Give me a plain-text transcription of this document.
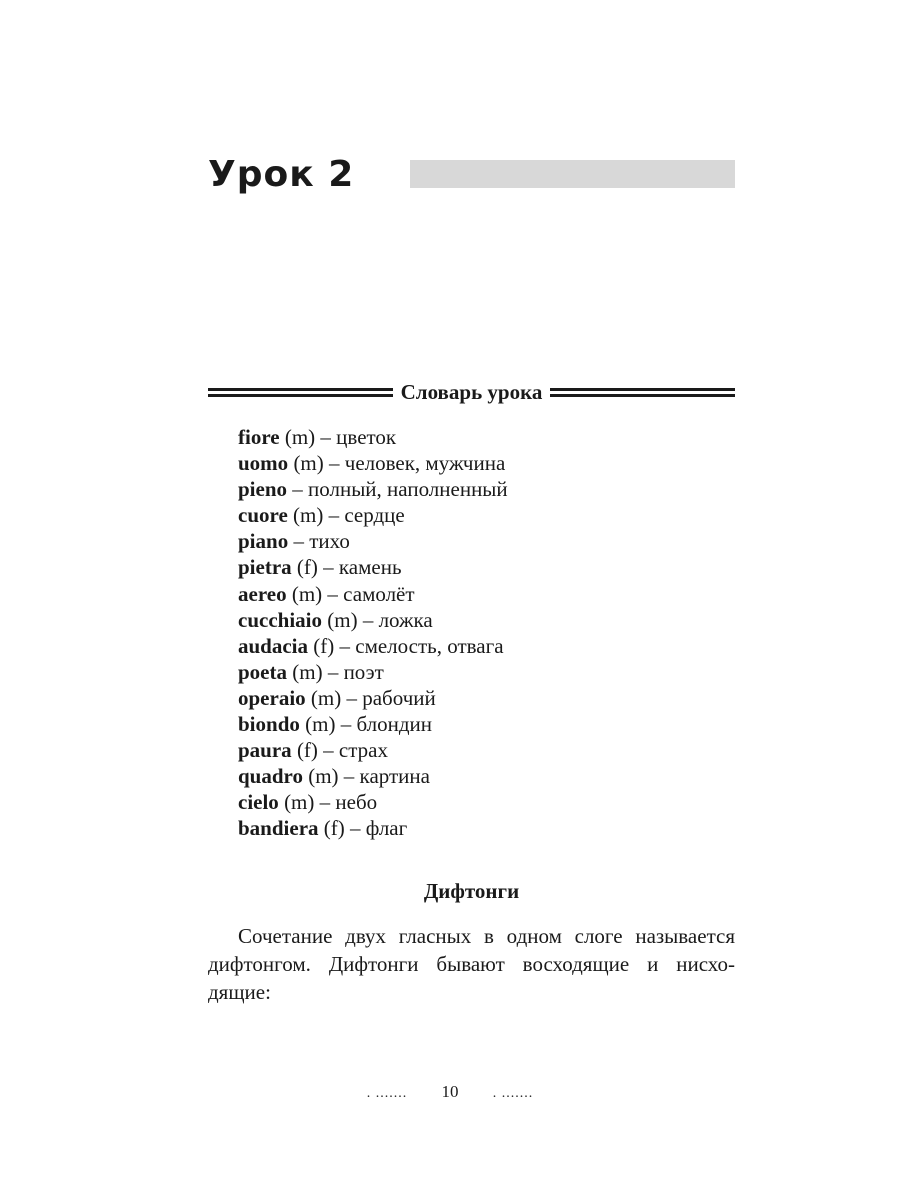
Урок 2
Словарь урока
fiore (m) – цветок
uomo (m) – человек, мужчина
pieno – полный, наполненный
cuore (m) – сердце
piano – тихо
pietra (f) – камень
aereo (m) – самолёт
cucchiaio (m) – ложка
audacia (f) – смелость, отвага
poeta (m) – поэт
operaio (m) – рабочий
biondo (m) – блондин
paura (f) – страх
quadro (m) – картина
cielo (m) – небо
bandiera (f) – флаг
Дифтонги

Сочетание двух гласных в одном слоге называется
дифтонгом. Дифтонги бывают восходящие и нисхо-
дящие:

. ....... 10 . .......
